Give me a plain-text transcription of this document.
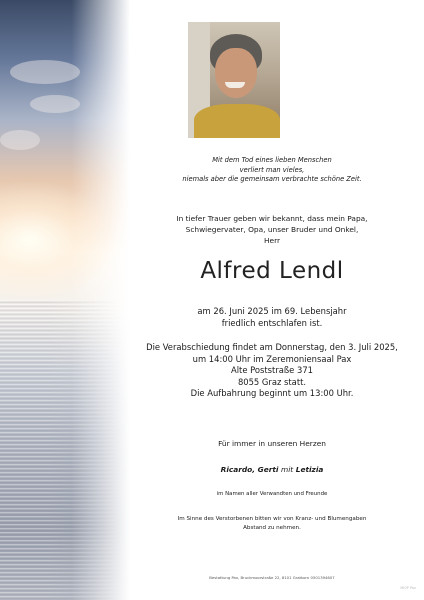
Mit dem Tod eines lieben Menschen
verliert man vieles,
niemals aber die gemeinsam verbrachte schöne Zeit.
In tiefer Trauer geben wir bekannt, dass mein Papa,
Schwiegervater, Opa, unser Bruder und Onkel,
Herr
Alfred Lendl
am 26. Juni 2025 im 69. Lebensjahr
friedlich entschlafen ist.
Die Verabschiedung findet am Donnerstag, den 3. Juli 2025,
um 14:00 Uhr im Zeremoniensaal Pax
Alte Poststraße 371
8055 Graz statt.
Die Aufbahrung beginnt um 13:00 Uhr.
Für immer in unseren Herzen
Ricardo, Gerti mit Letizia
im Namen aller Verwandten und Freunde
Im Sinne des Verstorbenen bitten wir von Kranz- und Blumengaben
Abstand zu nehmen.
Bestattung Pax, Bruckmoorstraße 22, 8101 Gratkorn 0501394607
Mi0P Pax
